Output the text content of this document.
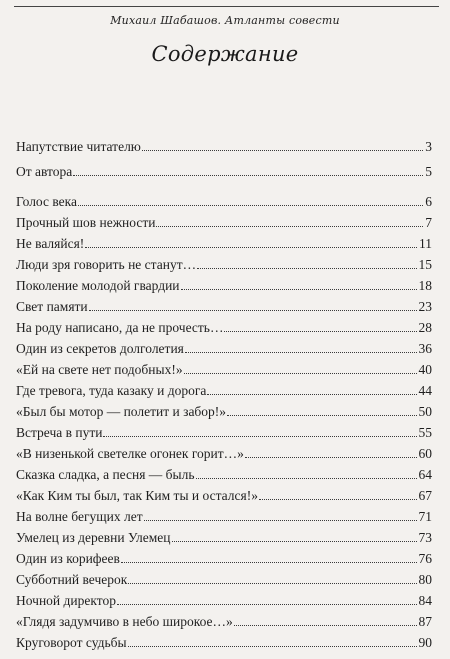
Михаил Шабашов. Атланты совести
Содержание
Напутствие читателю	3
От автора	5
Голос века	6
Прочный шов нежности	7
Не валяйся!	11
Люди зря говорить не станут…	15
Поколение молодой гвардии	18
Свет памяти	23
На роду написано, да не прочесть…	28
Один из секретов долголетия	36
«Ей на свете нет подобных!»	40
Где тревога, туда казаку и дорога	44
«Был бы мотор — полетит и забор!»	50
Встреча в пути	55
«В низенькой светелке огонек горит…»	60
Сказка сладка, а песня — быль	64
«Как Ким ты был, так Ким ты и остался!»	67
На волне бегущих лет	71
Умелец из деревни Улемец	73
Один из корифеев	76
Субботний вечерок	80
Ночной директор	84
«Глядя задумчиво в небо широкое…»	87
Круговорот судьбы	90
